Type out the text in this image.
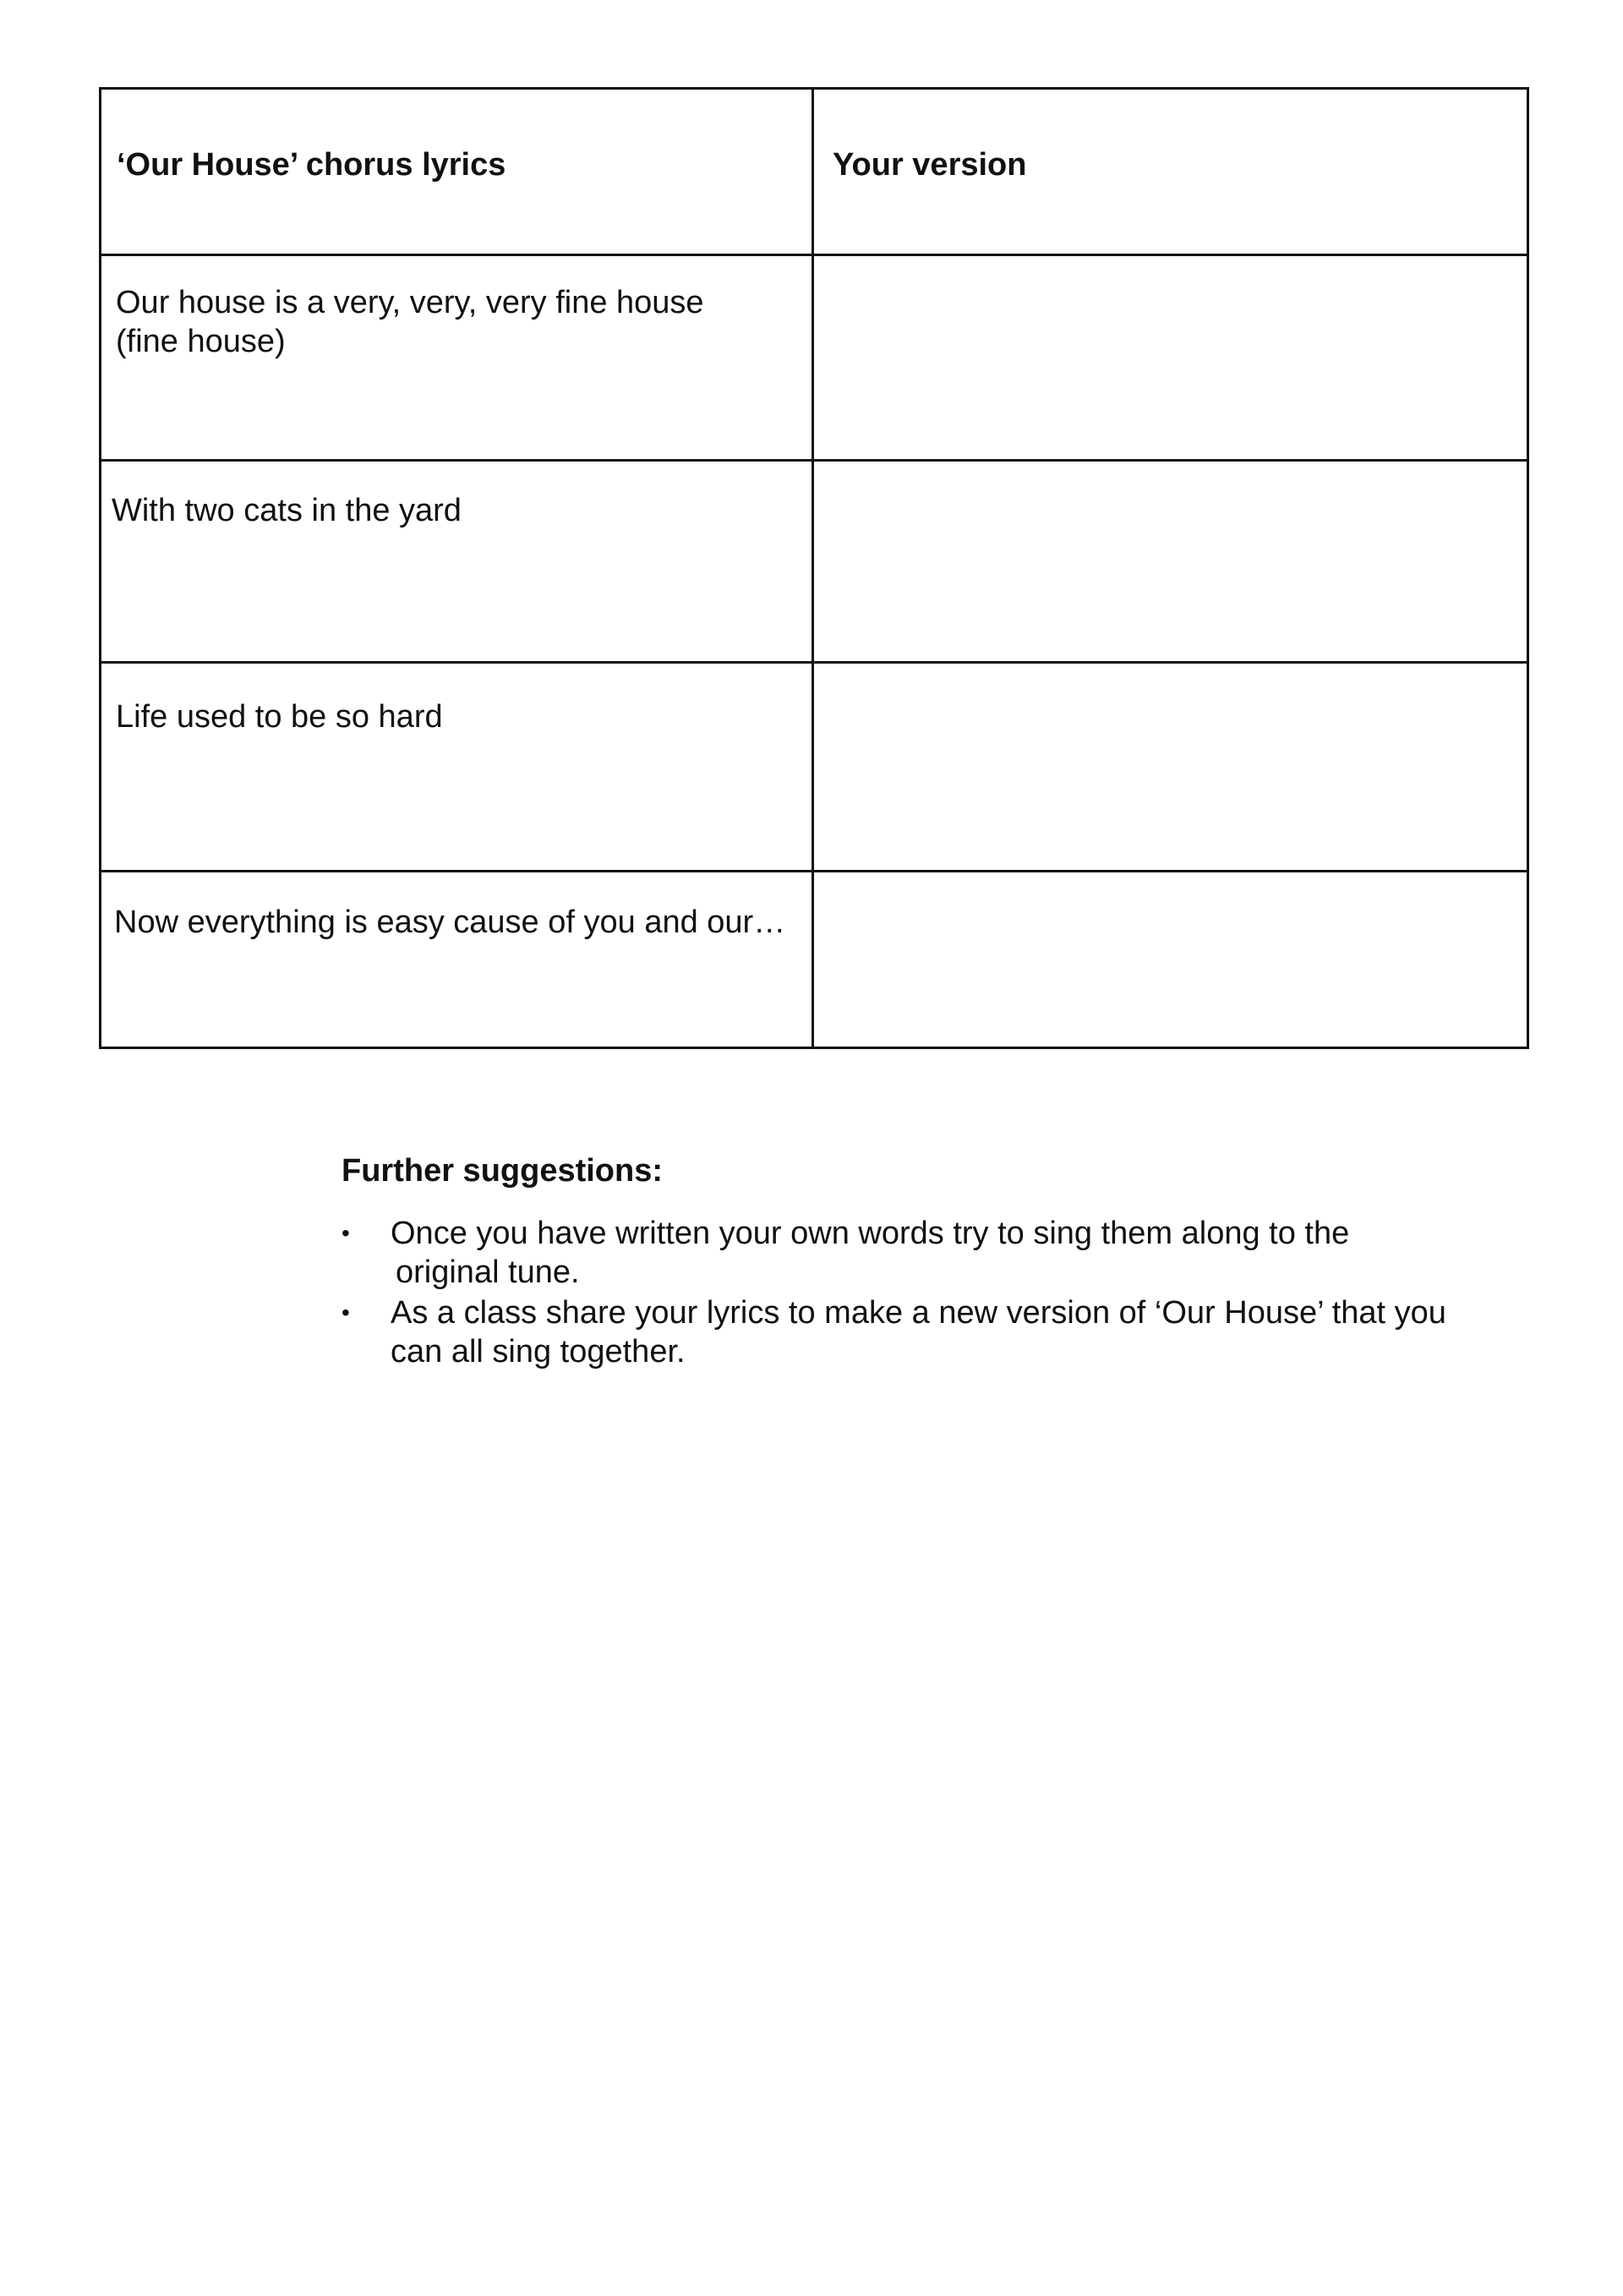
‘Our House’ chorus lyrics	Your version

Our house is a very, very, very fine house
(fine house)	

With two cats in the yard	

Life used to be so hard	

Now everything is easy cause of you and our…	

Further suggestions:
• Once you have written your own words try to sing them along to the
original tune.
• As a class share your lyrics to make a new version of ‘Our House’ that you
can all sing together.
